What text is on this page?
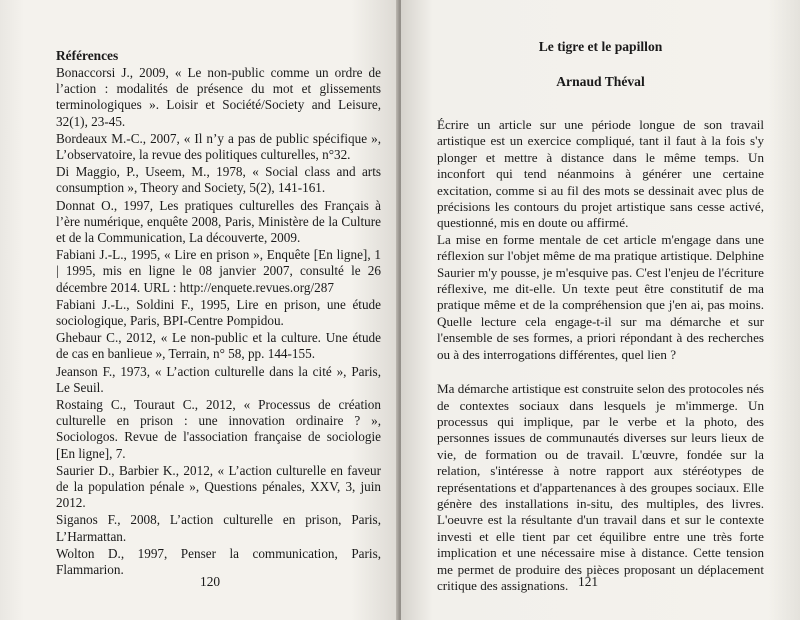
Références

Bonaccorsi J., 2009, « Le non-public comme un ordre de l’action : modalités de présence du mot et glissements terminologiques ». Loisir et Société/Society and Leisure, 32(1), 23-45.

Bordeaux M.-C., 2007, « Il n’y a pas de public spécifique », L’observatoire, la revue des politiques culturelles, n°32.

Di Maggio, P., Useem, M., 1978, « Social class and arts consumption », Theory and Society, 5(2), 141-161.

Donnat O., 1997, Les pratiques culturelles des Français à l’ère numérique, enquête 2008, Paris, Ministère de la Culture et de la Communication, La découverte, 2009.

Fabiani J.-L., 1995, « Lire en prison », Enquête [En ligne], 1 | 1995, mis en ligne le 08 janvier 2007, consulté le 26 décembre 2014. URL : http://enquete.revues.org/287

Fabiani J.-L., Soldini F., 1995, Lire en prison, une étude sociologique, Paris, BPI-Centre Pompidou.

Ghebaur C., 2012, « Le non-public et la culture. Une étude de cas en banlieue », Terrain, n° 58, pp. 144-155.

Jeanson F., 1973, « L’action culturelle dans la cité », Paris, Le Seuil.

Rostaing C., Touraut C., 2012, « Processus de création culturelle en prison : une innovation ordinaire ? », Sociologos. Revue de l'association française de sociologie [En ligne], 7.

Saurier D., Barbier K., 2012, « L’action culturelle en faveur de la population pénale », Questions pénales, XXV, 3, juin 2012.

Siganos F., 2008, L’action culturelle en prison, Paris, L’Harmattan.

Wolton D., 1997, Penser la communication, Paris, Flammarion.

120

Le tigre et le papillon

Arnaud Théval

Écrire un article sur une période longue de son travail artistique est un exercice compliqué, tant il faut à la fois s'y plonger et mettre à distance dans le même temps. Un inconfort qui tend néanmoins à générer une certaine excitation, comme si au fil des mots se dessinait avec plus de précisions les contours du projet artistique sans cesse activé, questionné, mis en doute ou affirmé.

La mise en forme mentale de cet article m'engage dans une réflexion sur l'objet même de ma pratique artistique. Delphine Saurier m'y pousse, je m'esquive pas. C'est l'enjeu de l'écriture réflexive, me dit-elle. Un texte peut être constitutif de ma pratique même et de la compréhension que j'en ai, pas moins. Quelle lecture cela engage-t-il sur ma démarche et sur l'ensemble de ses formes, a priori répondant à des recherches ou à des interrogations différentes, quel lien ?

Ma démarche artistique est construite selon des protocoles nés de contextes sociaux dans lesquels je m'immerge. Un processus qui implique, par le verbe et la photo, des personnes issues de communautés diverses sur leurs lieux de vie, de formation ou de travail. L'œuvre, fondée sur la relation, s'intéresse à notre rapport aux stéréotypes de représentations et d'appartenances à des groupes sociaux. Elle génère des installations in-situ, des multiples, des livres. L'oeuvre est la résultante d'un travail dans et sur le contexte investi et elle tient par cet équilibre entre une très forte implication et une nécessaire mise à distance. Cette tension me permet de produire des pièces proposant un déplacement critique des assignations. 121
